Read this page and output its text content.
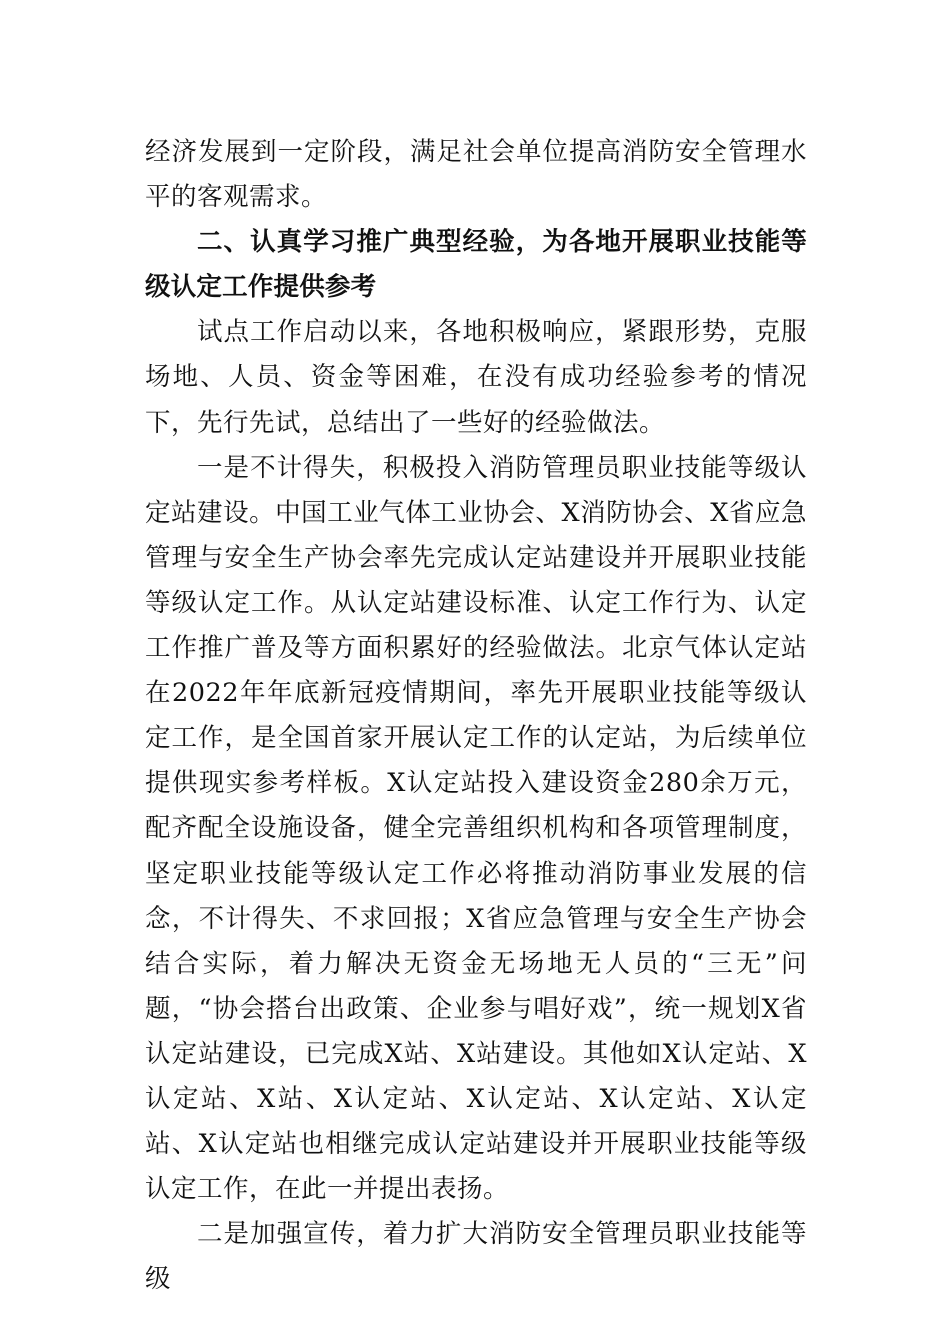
经济发展到一定阶段，满足社会单位提高消防安全管理水平的客观需求。

二、认真学习推广典型经验，为各地开展职业技能等级认定工作提供参考

试点工作启动以来，各地积极响应，紧跟形势，克服场地、人员、资金等困难，在没有成功经验参考的情况下，先行先试，总结出了一些好的经验做法。

一是不计得失，积极投入消防管理员职业技能等级认定站建设。中国工业气体工业协会、X消防协会、X省应急管理与安全生产协会率先完成认定站建设并开展职业技能等级认定工作。从认定站建设标准、认定工作行为、认定工作推广普及等方面积累好的经验做法。北京气体认定站在2022年年底新冠疫情期间，率先开展职业技能等级认定工作，是全国首家开展认定工作的认定站，为后续单位提供现实参考样板。X认定站投入建设资金280余万元，配齐配全设施设备，健全完善组织机构和各项管理制度，坚定职业技能等级认定工作必将推动消防事业发展的信念，不计得失、不求回报；X省应急管理与安全生产协会结合实际，着力解决无资金无场地无人员的“三无”问题，“协会搭台出政策、企业参与唱好戏”，统一规划X省认定站建设，已完成X站、X站建设。其他如X认定站、X认定站、X站、X认定站、X认定站、X认定站、X认定站、X认定站也相继完成认定站建设并开展职业技能等级认定工作，在此一并提出表扬。

二是加强宣传，着力扩大消防安全管理员职业技能等级
